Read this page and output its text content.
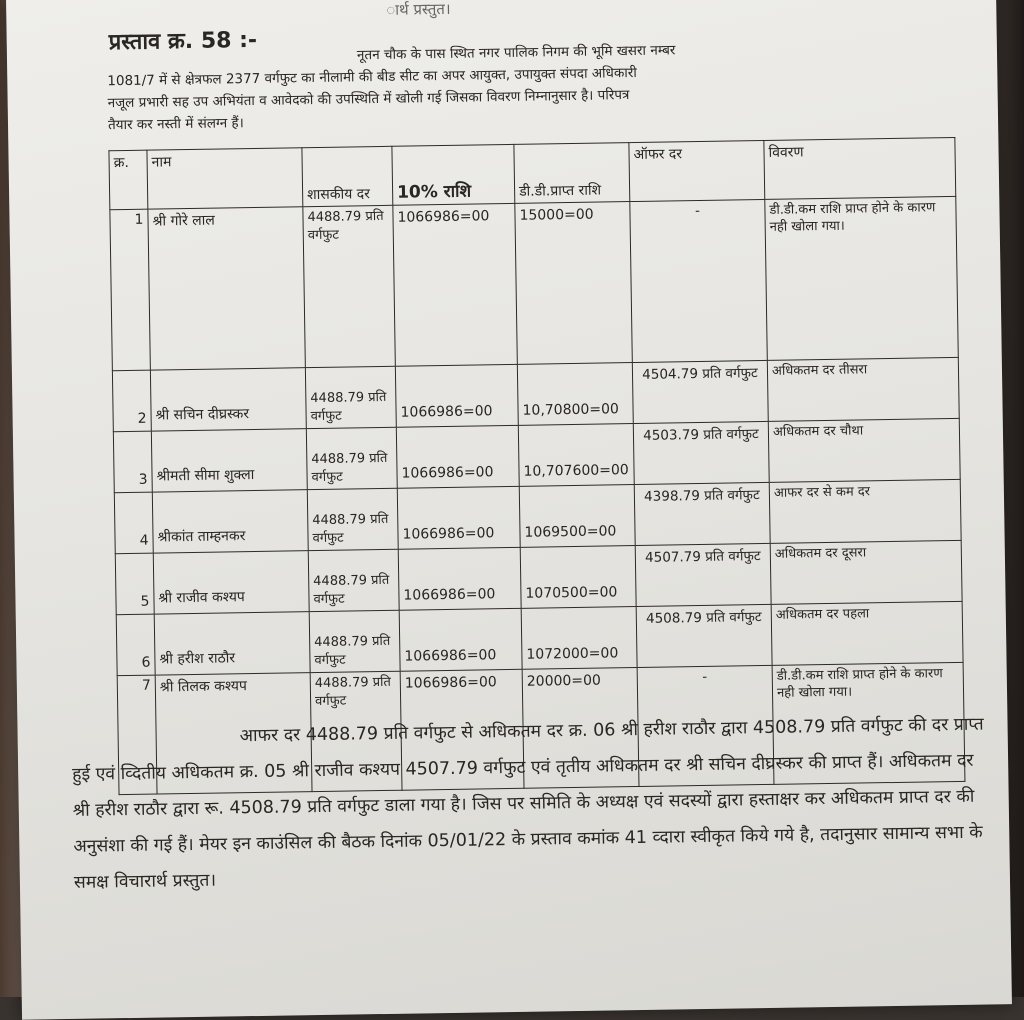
ार्थ प्रस्तुत।
प्रस्ताव क्र. 58 :-	नूतन चौक के पास स्थित नगर पालिक निगम की भूमि खसरा नम्बर
1081/7 में से क्षेत्रफल 2377 वर्गफुट का नीलामी की बीड सीट का अपर आयुक्त, उपायुक्त संपदा अधिकारी
नजूल प्रभारी सह उप अभियंता व आवेदको की उपस्थिति में खोली गई जिसका विवरण निम्नानुसार है। परिपत्र
तैयार कर नस्ती में संलग्न हैं।
क्र.	नाम	शासकीय दर	10% राशि	डी.डी.प्राप्त राशि	ऑफर दर	विवरण
1	श्री गोरे लाल	4488.79 प्रति वर्गफुट	1066986=00	15000=00	-	डी.डी.कम राशि प्राप्त होने के कारण नही खोला गया।
2	श्री सचिन दीघ्रस्कर	4488.79 प्रति वर्गफुट	1066986=00	10,70800=00	4504.79 प्रति वर्गफुट	अधिकतम दर तीसरा
3	श्रीमती सीमा शुक्ला	4488.79 प्रति वर्गफुट	1066986=00	10,707600=00	4503.79 प्रति वर्गफुट	अधिकतम दर चौथा
4	श्रीकांत ताम्हनकर	4488.79 प्रति वर्गफुट	1066986=00	1069500=00	4398.79 प्रति वर्गफुट	आफर दर से कम दर
5	श्री राजीव कश्यप	4488.79 प्रति वर्गफुट	1066986=00	1070500=00	4507.79 प्रति वर्गफुट	अधिकतम दर दूसरा
6	श्री हरीश राठौर	4488.79 प्रति वर्गफुट	1066986=00	1072000=00	4508.79 प्रति वर्गफुट	अधिकतम दर पहला
7	श्री तिलक कश्यप	4488.79 प्रति वर्गफुट	1066986=00	20000=00	-	डी.डी.कम राशि प्राप्त होने के कारण नही खोला गया।
आफर दर 4488.79 प्रति वर्गफुट से अधिकतम दर क्र. 06 श्री हरीश राठौर द्वारा 4508.79 प्रति वर्गफुट की दर प्राप्त हुई एवं व्दितीय अधिकतम क्र. 05 श्री राजीव कश्यप 4507.79 वर्गफुट एवं तृतीय अधिकतम दर श्री सचिन दीघ्रस्कर की प्राप्त हैं। अधिकतम दर श्री हरीश राठौर द्वारा रू. 4508.79 प्रति वर्गफुट डाला गया है। जिस पर समिति के अध्यक्ष एवं सदस्यों द्वारा हस्ताक्षर कर अधिकतम प्राप्त दर की अनुसंशा की गई हैं। मेयर इन काउंसिल की बैठक दिनांक 05/01/22 के प्रस्ताव कमांक 41 व्दारा स्वीकृत किये गये है, तदानुसार सामान्य सभा के समक्ष विचारार्थ प्रस्तुत।
